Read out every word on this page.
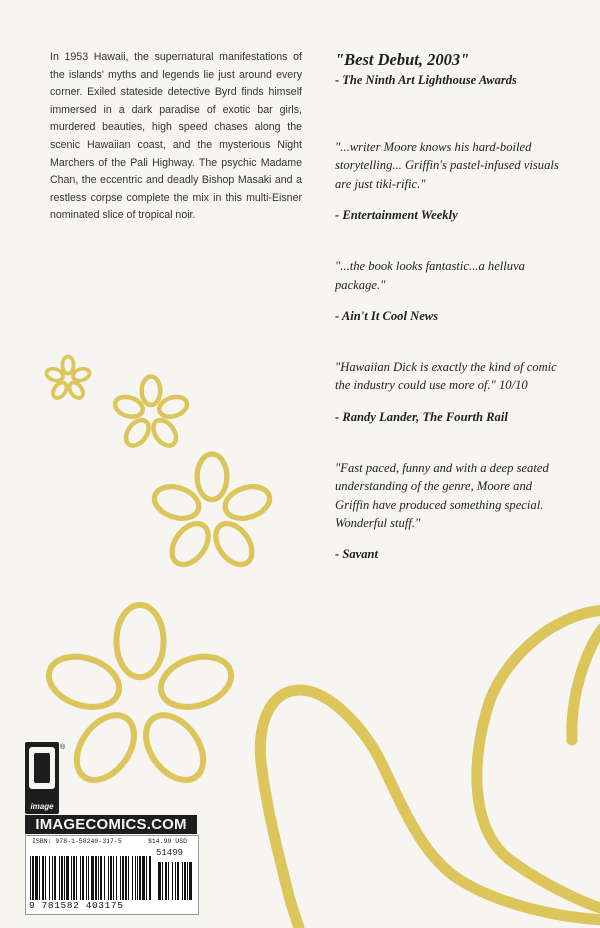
In 1953 Hawaii, the supernatural manifestations of the islands' myths and legends lie just around every corner. Exiled stateside detective Byrd finds himself immersed in a dark paradise of exotic bar girls, murdered beauties, high speed chases along the scenic Hawaiian coast, and the mysterious Night Marchers of the Pali Highway. The psychic Madame Chan, the eccentric and deadly Bishop Masaki and a restless corpse complete the mix in this multi-Eisner nominated slice of tropical noir.

"Best Debut, 2003"

- The Ninth Art Lighthouse Awards

"...writer Moore knows his hard-boiled storytelling... Griffin's pastel-infused visuals are just tiki-rific."

- Entertainment Weekly

"...the book looks fantastic...a helluva package."

- Ain't It Cool News

"Hawaiian Dick is exactly the kind of comic the industry could use more of." 10/10

- Randy Lander, The Fourth Rail

"Fast paced, funny and with a deep seated understanding of the genre, Moore and Griffin have produced something special. Wonderful stuff."

- Savant

image
®
IMAGECOMICS.COM
ISBN: 978-1-58240-317-5	$14.99 USD
51499
9 781582 403175
